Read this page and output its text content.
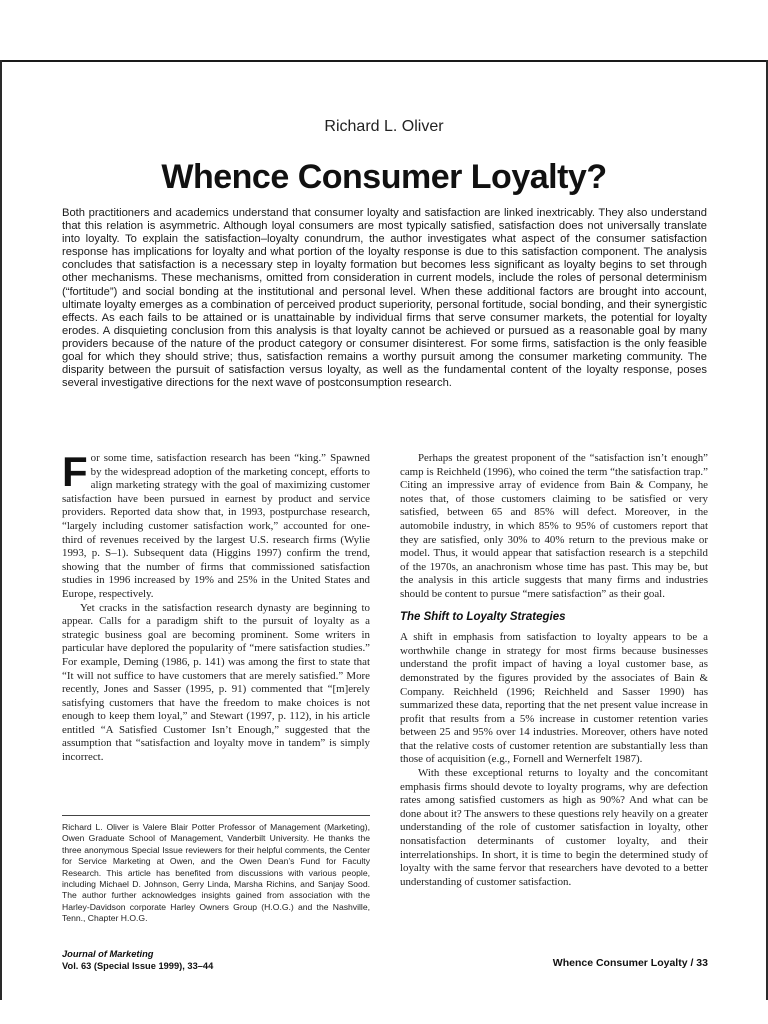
Richard L. Oliver
Whence Consumer Loyalty?

Both practitioners and academics understand that consumer loyalty and satisfaction are linked inextricably. They also understand that this relation is asymmetric. Although loyal consumers are most typically satisfied, satisfaction does not universally translate into loyalty. To explain the satisfaction–loyalty conundrum, the author investigates what aspect of the consumer satisfaction response has implications for loyalty and what portion of the loyalty response is due to this satisfaction component. The analysis concludes that satisfaction is a necessary step in loyalty formation but becomes less significant as loyalty begins to set through other mechanisms. These mechanisms, omitted from consideration in current models, include the roles of personal determinism (“fortitude”) and social bonding at the institutional and personal level. When these additional factors are brought into account, ultimate loyalty emerges as a combination of perceived product superiority, personal fortitude, social bonding, and their synergistic effects. As each fails to be attained or is unattainable by individual firms that serve consumer markets, the potential for loyalty erodes. A disquieting conclusion from this analysis is that loyalty cannot be achieved or pursued as a reasonable goal by many providers because of the nature of the product category or consumer disinterest. For some firms, satisfaction is the only feasible goal for which they should strive; thus, satisfaction remains a worthy pursuit among the consumer marketing community. The disparity between the pursuit of satisfaction versus loyalty, as well as the fundamental content of the loyalty response, poses several investigative directions for the next wave of postconsumption research.

For some time, satisfaction research has been “king.” Spawned by the widespread adoption of the marketing concept, efforts to align marketing strategy with the goal of maximizing customer satisfaction have been pursued in earnest by product and service providers. Reported data show that, in 1993, postpurchase research, “largely including customer satisfaction work,” accounted for one-third of revenues received by the largest U.S. research firms (Wylie 1993, p. S–1). Subsequent data (Higgins 1997) confirm the trend, showing that the number of firms that commissioned satisfaction studies in 1996 increased by 19% and 25% in the United States and Europe, respectively.

Yet cracks in the satisfaction research dynasty are beginning to appear. Calls for a paradigm shift to the pursuit of loyalty as a strategic business goal are becoming prominent. Some writers in particular have deplored the popularity of “mere satisfaction studies.” For example, Deming (1986, p. 141) was among the first to state that “It will not suffice to have customers that are merely satisfied.” More recently, Jones and Sasser (1995, p. 91) commented that “[m]erely satisfying customers that have the freedom to make choices is not enough to keep them loyal,” and Stewart (1997, p. 112), in his article entitled “A Satisfied Customer Isn’t Enough,” suggested that the assumption that “satisfaction and loyalty move in tandem” is simply incorrect.

Perhaps the greatest proponent of the “satisfaction isn’t enough” camp is Reichheld (1996), who coined the term “the satisfaction trap.” Citing an impressive array of evidence from Bain & Company, he notes that, of those customers claiming to be satisfied or very satisfied, between 65 and 85% will defect. Moreover, in the automobile industry, in which 85% to 95% of customers report that they are satisfied, only 30% to 40% return to the previous make or model. Thus, it would appear that satisfaction research is a stepchild of the 1970s, an anachronism whose time has past. This may be, but the analysis in this article suggests that many firms and industries should be content to pursue “mere satisfaction” as their goal.

The Shift to Loyalty Strategies

A shift in emphasis from satisfaction to loyalty appears to be a worthwhile change in strategy for most firms because businesses understand the profit impact of having a loyal customer base, as demonstrated by the figures provided by the associates of Bain & Company. Reichheld (1996; Reichheld and Sasser 1990) has summarized these data, reporting that the net present value increase in profit that results from a 5% increase in customer retention varies between 25 and 95% over 14 industries. Moreover, others have noted that the relative costs of customer retention are substantially less than those of acquisition (e.g., Fornell and Wernerfelt 1987).

With these exceptional returns to loyalty and the concomitant emphasis firms should devote to loyalty programs, why are defection rates among satisfied customers as high as 90%? And what can be done about it? The answers to these questions rely heavily on a greater understanding of the role of customer satisfaction in loyalty, other nonsatisfaction determinants of customer loyalty, and their interrelationships. In short, it is time to begin the determined study of loyalty with the same fervor that researchers have devoted to a better understanding of customer satisfaction.

Richard L. Oliver is Valere Blair Potter Professor of Management (Marketing), Owen Graduate School of Management, Vanderbilt University. He thanks the three anonymous Special Issue reviewers for their helpful comments, the Center for Service Marketing at Owen, and the Owen Dean’s Fund for Faculty Research. This article has benefited from discussions with various people, including Michael D. Johnson, Gerry Linda, Marsha Richins, and Sanjay Sood. The author further acknowledges insights gained from association with the Harley-Davidson corporate Harley Owners Group (H.O.G.) and the Nashville, Tenn., Chapter H.O.G.

Journal of Marketing
Vol. 63 (Special Issue 1999), 33–44	Whence Consumer Loyalty / 33
